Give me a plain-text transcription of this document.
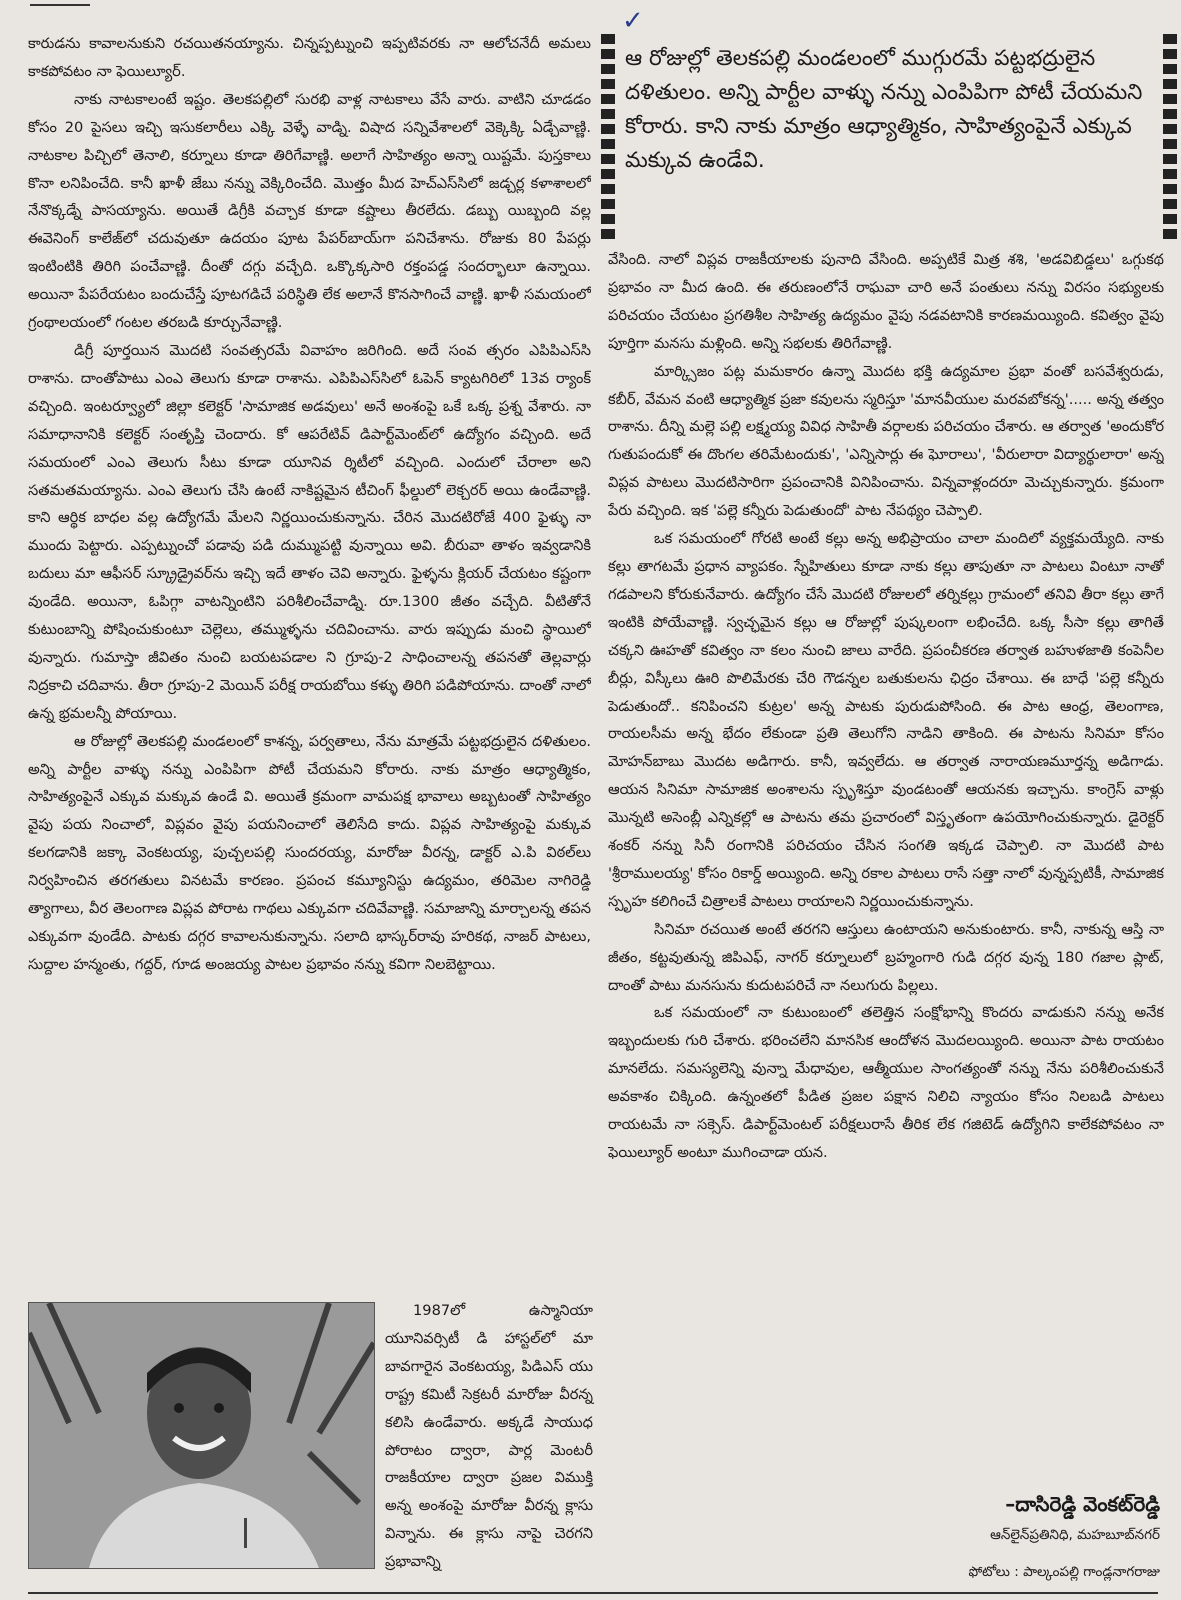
✓

కారుడను కావాలనుకుని రచయితనయ్యాను. చిన్నప్పట్నుంచి ఇప్పటివరకు నా ఆలోచనేదీ అమలు కాకపోవటం నా ఫెయిల్యూర్.

నాకు నాటకాలంటే ఇష్టం. తెలకపల్లిలో సురభి వాళ్ల నాటకాలు వేసే వారు. వాటిని చూడడం కోసం 20 పైసలు ఇచ్చి ఇసుకలారీలు ఎక్కి వెళ్ళే వాడ్ని. విషాద సన్నివేశాలలో వెక్కెక్కి ఏడ్చేవాణ్ణి. నాటకాల పిచ్చిలో తెనాలి, కర్నూలు కూడా తిరిగేవాణ్ణి. అలాగే సాహిత్యం అన్నా యిష్టమే. పుస్తకాలు కొనా లనిపించేది. కానీ ఖాళీ జేబు నన్ను వెక్కిరించేది. మొత్తం మీద హెచ్‌ఎస్‌సిలో జడ్చర్ల కళాశాలలో నేనొక్కడ్నే పాసయ్యాను. అయితే డిగ్రీకి వచ్చాక కూడా కష్టాలు తీరలేదు. డబ్బు యిబ్బంది వల్ల ఈవెనింగ్ కాలేజ్‌లో చదువుతూ ఉదయం పూట పేపర్‌బాయ్‌గా పనిచేశాను. రోజుకు 80 పేపర్లు ఇంటింటికి తిరిగి పంచేవాణ్ణి. దీంతో దగ్గు వచ్చేది. ఒక్కొక్కసారి రక్తంపడ్డ సందర్భాలూ ఉన్నాయి. అయినా పేపరేయటం బందుచేస్తే పూటగడిచే పరిస్థితి లేక అలానే కొనసాగించే వాణ్ణి. ఖాళీ సమయంలో గ్రంథాలయంలో గంటల తరబడి కూర్చునేవాణ్ణి.

డిగ్రీ పూర్తయిన మొదటి సంవత్సరమే వివాహం జరిగింది. అదే సంవ త్సరం ఎపిపిఎస్‌సి రాశాను. దాంతోపాటు ఎంఎ తెలుగు కూడా రాశాను. ఎపిపిఎస్‌సిలో ఓపెన్ క్యాటగిరిలో 13వ ర్యాంక్ వచ్చింది. ఇంటర్వ్యూలో జిల్లా కలెక్టర్ 'సామాజిక అడవులు' అనే అంశంపై ఒకే ఒక్క ప్రశ్న వేశారు. నా సమాధానానికి కలెక్టర్ సంతృప్తి చెందారు. కో ఆపరేటివ్ డిపార్ట్‌మెంట్‌లో ఉద్యోగం వచ్చింది. అదే సమయంలో ఎంఎ తెలుగు సీటు కూడా యూనివ ర్శిటీలో వచ్చింది. ఎందులో చేరాలా అని సతమతమయ్యాను. ఎంఎ తెలుగు చేసి ఉంటే నాకిష్టమైన టీచింగ్ ఫీల్డులో లెక్చరర్ అయి ఉండేవాణ్ణి. కాని ఆర్థిక బాధల వల్ల ఉద్యోగమే మేలని నిర్ణయించుకున్నాను. చేరిన మొదటిరోజే 400 ఫైళ్ళు నా ముందు పెట్టారు. ఎప్పట్నుంచో పడావు పడి దుమ్ముపట్టి వున్నాయి అవి. బీరువా తాళం ఇవ్వడానికి బదులు మా ఆఫీసర్ స్క్రూడ్రైవర్‌ను ఇచ్చి ఇదే తాళం చెవి అన్నారు. ఫైళ్ళను క్లియర్ చేయటం కష్టంగా వుండేది. అయినా, ఓపిగ్గా వాటన్నింటిని పరిశీలించేవాడ్ని. రూ.1300 జీతం వచ్చేది. వీటితోనే కుటుంబాన్ని పోషించుకుంటూ చెల్లెలు, తమ్ముళ్ళను చదివించాను. వారు ఇప్పుడు మంచి స్థాయిలో వున్నారు. గుమాస్తా జీవితం నుంచి బయటపడాల ని గ్రూపు-2 సాధించాలన్న తపనతో తెల్లవార్లు నిద్రకాచి చదివాను. తీరా గ్రూపు-2 మెయిన్ పరీక్ష రాయబోయి కళ్ళు తిరిగి పడిపోయాను. దాంతో నాలో ఉన్న భ్రమలన్నీ పోయాయి.

ఆ రోజుల్లో తెలకపల్లి మండలంలో కాశన్న, పర్వతాలు, నేను మాత్రమే పట్టభద్రులైన దళితులం. అన్ని పార్టీల వాళ్ళు నన్ను ఎంపిపిగా పోటీ చేయమని కోరారు. నాకు మాత్రం ఆధ్యాత్మికం, సాహిత్యంపైనే ఎక్కువ మక్కువ ఉండే వి. అయితే క్రమంగా వామపక్ష భావాలు అబ్బటంతో సాహిత్యం వైపు పయ నించాలో, విప్లవం వైపు పయనించాలో తెలిసేది కాదు. విప్లవ సాహిత్యంపై మక్కువ కలగడానికి జక్కా వెంకటయ్య, పుచ్చలపల్లి సుందరయ్య, మారోజు వీరన్న, డాక్టర్ ఎ.పి విఠల్‌లు నిర్వహించిన తరగతులు వినటమే కారణం. ప్రపంచ కమ్యూనిస్టు ఉద్యమం, తరిమెల నాగిరెడ్డి త్యాగాలు, వీర తెలంగాణ విప్లవ పోరాట గాథలు ఎక్కువగా చదివేవాణ్ణి. సమాజాన్ని మార్చాలన్న తపన ఎక్కువగా వుండేది. పాటకు దగ్గర కావాలనుకున్నాను. సలాది భాస్కర్‌రావు హరికథ, నాజర్ పాటలు, సుద్దాల హన్మంతు, గద్దర్, గూడ అంజయ్య పాటల ప్రభావం నన్ను కవిగా నిలబెట్టాయి.

ఆ రోజుల్లో తెలకపల్లి మండలంలో ముగ్గురమే పట్టభద్రులైన దళితులం. అన్ని పార్టీల వాళ్ళు నన్ను ఎంపిపిగా పోటీ చేయమని కోరారు. కాని నాకు మాత్రం ఆధ్యాత్మికం, సాహిత్యంపైనే ఎక్కువ మక్కువ ఉండేవి.

వేసింది. నాలో విప్లవ రాజకీయాలకు పునాది వేసింది. అప్పటికే మిత్ర శశి, 'అడవిబిడ్డలు' ఒగ్గుకథ ప్రభావం నా మీద ఉంది. ఈ తరుణంలోనే రాఘవా చారి అనే పంతులు నన్ను విరసం సభ్యులకు పరిచయం చేయటం ప్రగతిశీల సాహిత్య ఉద్యమం వైపు నడవటానికి కారణమయ్యింది. కవిత్వం వైపు పూర్తిగా మనసు మళ్లింది. అన్ని సభలకు తిరిగేవాణ్ణి.

మార్క్సిజం పట్ల మమకారం ఉన్నా మొదట భక్తి ఉద్యమాల ప్రభా వంతో బసవేశ్వరుడు, కబీర్, వేమన వంటి ఆధ్యాత్మిక ప్రజా కవులను స్మరిస్తూ 'మానవీయుల మరవబోకన్న'..... అన్న తత్వం రాశాను. దీన్ని మల్లె పల్లి లక్ష్మయ్య వివిధ సాహితీ వర్గాలకు పరిచయం చేశారు. ఆ తర్వాత 'అందుకోర గుతుపందుకో ఈ దొంగల తరిమేటందుకు', 'ఎన్నిసార్లు ఈ ఘోరాలు', 'వీరులారా విద్యార్థులారా' అన్న విప్లవ పాటలు మొదటిసారిగా ప్రపంచానికి వినిపించాను. విన్నవాళ్లందరూ మెచ్చుకున్నారు. క్రమంగా పేరు వచ్చింది. ఇక 'పల్లె కన్నీరు పెడుతుందో' పాట నేపథ్యం చెప్పాలి.

ఒక సమయంలో గోరటి అంటే కల్లు అన్న అభిప్రాయం చాలా మందిలో వ్యక్తమయ్యేది. నాకు కల్లు తాగటమే ప్రధాన వ్యాపకం. స్నేహితులు కూడా నాకు కల్లు తాపుతూ నా పాటలు వింటూ నాతో గడపాలని కోరుకునేవారు. ఉద్యోగం చేసే మొదటి రోజులలో తర్నికల్లు గ్రామంలో తనివి తీరా కల్లు తాగే ఇంటికి పోయేవాణ్ణి. స్వచ్ఛమైన కల్లు ఆ రోజుల్లో పుష్కలంగా లభించేది. ఒక్క సీసా కల్లు తాగితే చక్కని ఊహతో కవిత్వం నా కలం నుంచి జాలు వారేది. ప్రపంచీకరణ తర్వాత బహుళజాతి కంపెనీల బీర్లు, విస్కీలు ఊరి పొలిమేరకు చేరి గౌడన్నల బతుకులను ఛిద్రం చేశాయి. ఈ బాధే 'పల్లె కన్నీరు పెడుతుందో.. కనిపించని కుట్రల' అన్న పాటకు పురుడుపోసింది. ఈ పాట ఆంధ్ర, తెలంగాణ, రాయలసీమ అన్న భేదం లేకుండా ప్రతి తెలుగోని నాడిని తాకింది. ఈ పాటను సినిమా కోసం మోహన్‌బాబు మొదట అడిగారు. కానీ, ఇవ్వలేదు. ఆ తర్వాత నారాయణమూర్తన్న అడిగాడు. ఆయన సినిమా సామాజిక అంశాలను స్పృశిస్తూ వుండటంతో ఆయనకు ఇచ్చాను. కాంగ్రెస్ వాళ్లు మొన్నటి అసెంబ్లీ ఎన్నికల్లో ఆ పాటను తమ ప్రచారంలో విస్తృతంగా ఉపయోగించుకున్నారు. డైరెక్టర్ శంకర్ నన్ను సినీ రంగానికి పరిచయం చేసిన సంగతి ఇక్కడ చెప్పాలి. నా మొదటి పాట 'శ్రీరాములయ్య' కోసం రికార్డ్ అయ్యింది. అన్ని రకాల పాటలు రాసే సత్తా నాలో వున్నప్పటికీ, సామాజిక స్పృహ కలిగించే చిత్రాలకే పాటలు రాయాలని నిర్ణయించుకున్నాను.

సినిమా రచయిత అంటే తరగని ఆస్తులు ఉంటాయని అనుకుంటారు. కానీ, నాకున్న ఆస్తి నా జీతం, కట్టవుతున్న జిపిఎఫ్, నాగర్ కర్నూలులో బ్రహ్మంగారి గుడి దగ్గర వున్న 180 గజాల ప్లాట్, దాంతో పాటు మనసును కుదుటపరిచే నా నలుగురు పిల్లలు.

ఒక సమయంలో నా కుటుంబంలో తలెత్తిన సంక్షోభాన్ని కొందరు వాడుకుని నన్ను అనేక ఇబ్బందులకు గురి చేశారు. భరించలేని మానసిక ఆందోళన మొదలయ్యింది. అయినా పాట రాయటం మానలేదు. సమస్యలెన్ని వున్నా మేధావుల, ఆత్మీయుల సాంగత్యంతో నన్ను నేను పరిశీలించుకునే అవకాశం చిక్కింది. ఉన్నంతలో పీడిత ప్రజల పక్షాన నిలిచి న్యాయం కోసం నిలబడి పాటలు రాయటమే నా సక్సెస్. డిపార్ట్‌మెంటల్ పరీక్షలురాసే తీరిక లేక గజిటెడ్ ఉద్యోగిని కాలేకపోవటం నా ఫెయిల్యూర్ అంటూ ముగించాడా యన.

1987లో ఉస్మానియా యూనివర్సిటీ డి హాస్టల్‌లో మా బావగారైన వెంకటయ్య, పిడిఎస్ యు రాష్ట్ర కమిటీ సెక్రటరీ మారోజు వీరన్న కలిసి ఉండేవారు. అక్కడే సాయుధ పోరాటం ద్వారా, పార్ల మెంటరీ రాజకీయాల ద్వారా ప్రజల విముక్తి అన్న అంశంపై మారోజు వీరన్న క్లాసు విన్నాను. ఈ క్లాసు నాపై చెరగని ప్రభావాన్ని

–దాసిరెడ్డి వెంకట్‌రెడ్డి
ఆన్‌లైన్‌ప్రతినిధి, మహబూబ్‌నగర్
ఫోటోలు : పాల్కంపల్లి గాండ్లనాగరాజు
